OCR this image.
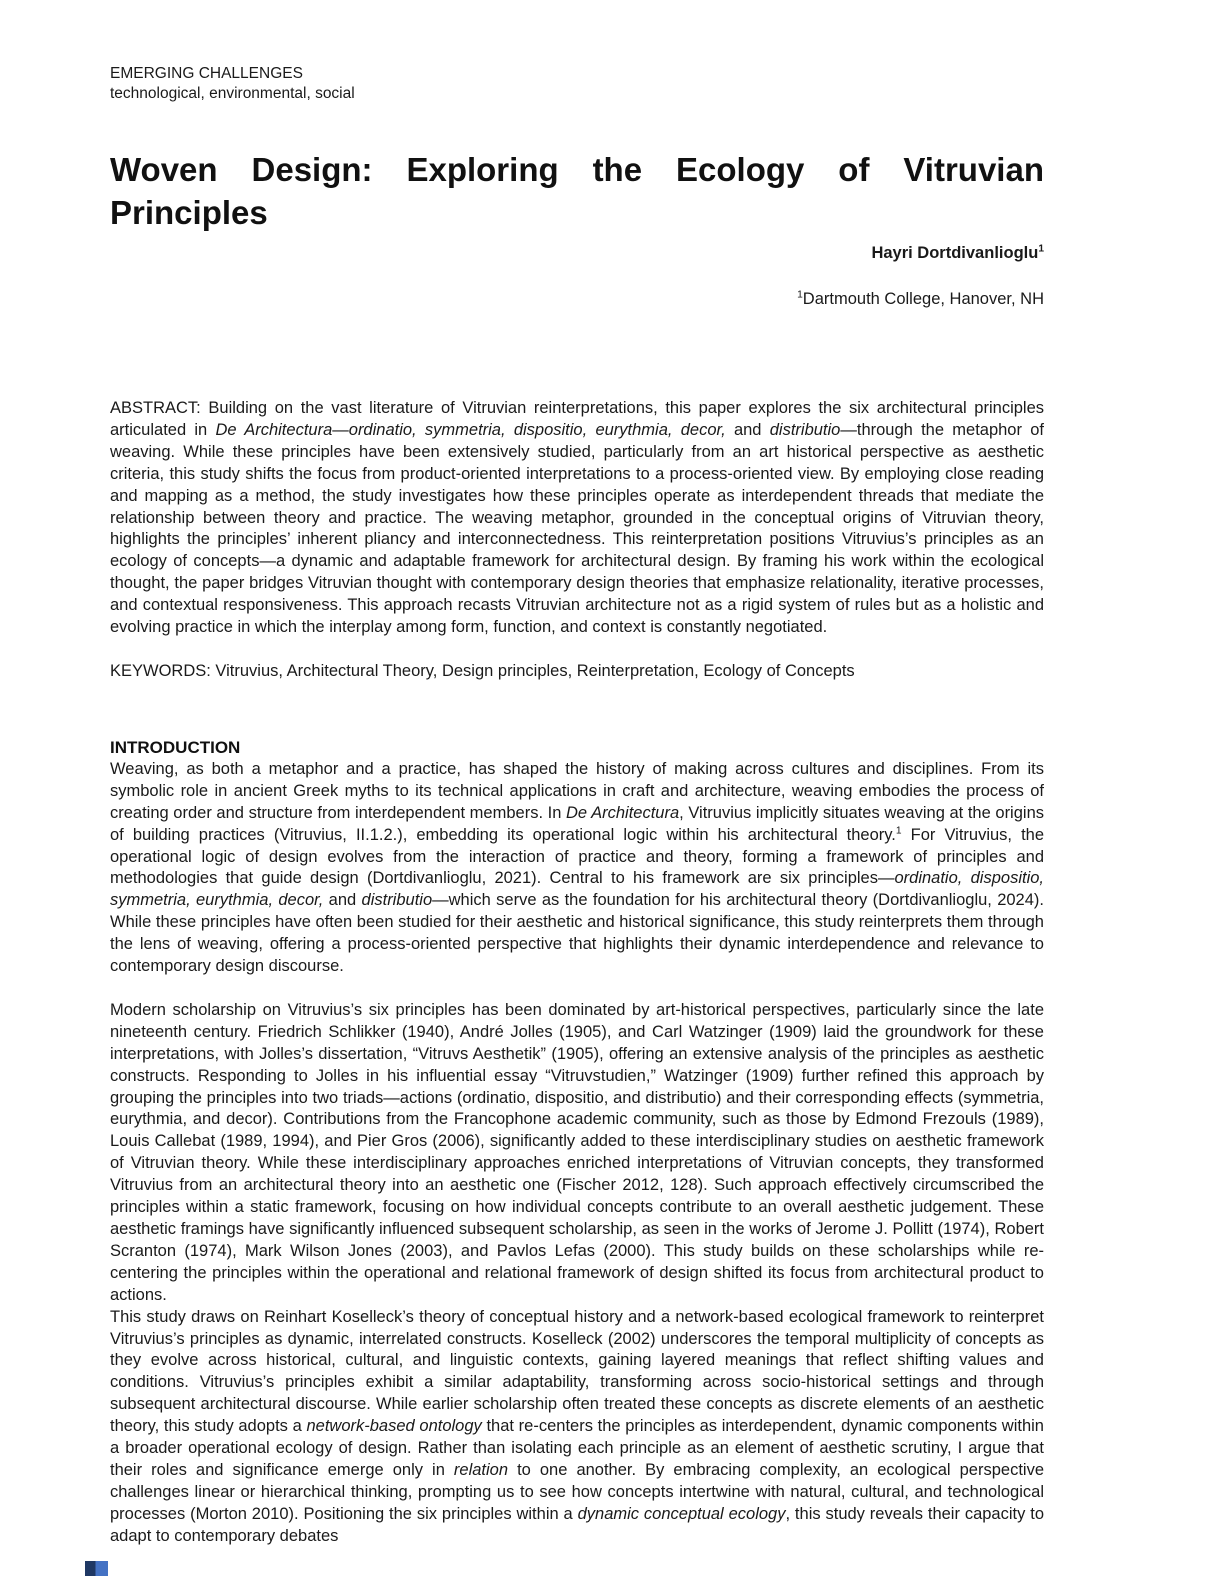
EMERGING CHALLENGES
technological, environmental, social
Woven Design: Exploring the Ecology of Vitruvian Principles
Hayri Dortdivanlioglu$^1$
$^1$Dartmouth College, Hanover, NH

ABSTRACT: Building on the vast literature of Vitruvian reinterpretations, this paper explores the six architectural principles articulated in De Architectura—ordinatio, symmetria, dispositio, eurythmia, decor, and distributio—through the metaphor of weaving. While these principles have been extensively studied, particularly from an art historical perspective as aesthetic criteria, this study shifts the focus from product-oriented interpretations to a process-oriented view. By employing close reading and mapping as a method, the study investigates how these principles operate as interdependent threads that mediate the relationship between theory and practice. The weaving metaphor, grounded in the conceptual origins of Vitruvian theory, highlights the principles’ inherent pliancy and interconnectedness. This reinterpretation positions Vitruvius’s principles as an ecology of concepts—a dynamic and adaptable framework for architectural design. By framing his work within the ecological thought, the paper bridges Vitruvian thought with contemporary design theories that emphasize relationality, iterative processes, and contextual responsiveness. This approach recasts Vitruvian architecture not as a rigid system of rules but as a holistic and evolving practice in which the interplay among form, function, and context is constantly negotiated.

KEYWORDS: Vitruvius, Architectural Theory, Design principles, Reinterpretation, Ecology of Concepts

INTRODUCTION

Weaving, as both a metaphor and a practice, has shaped the history of making across cultures and disciplines. From its symbolic role in ancient Greek myths to its technical applications in craft and architecture, weaving embodies the process of creating order and structure from interdependent members. In De Architectura, Vitruvius implicitly situates weaving at the origins of building practices (Vitruvius, II.1.2.), embedding its operational logic within his architectural theory.$^1$ For Vitruvius, the operational logic of design evolves from the interaction of practice and theory, forming a framework of principles and methodologies that guide design (Dortdivanlioglu, 2021). Central to his framework are six principles—ordinatio, dispositio, symmetria, eurythmia, decor, and distributio—which serve as the foundation for his architectural theory (Dortdivanlioglu, 2024). While these principles have often been studied for their aesthetic and historical significance, this study reinterprets them through the lens of weaving, offering a process-oriented perspective that highlights their dynamic interdependence and relevance to contemporary design discourse.

Modern scholarship on Vitruvius’s six principles has been dominated by art-historical perspectives, particularly since the late nineteenth century. Friedrich Schlikker (1940), André Jolles (1905), and Carl Watzinger (1909) laid the groundwork for these interpretations, with Jolles’s dissertation, “Vitruvs Aesthetik” (1905), offering an extensive analysis of the principles as aesthetic constructs. Responding to Jolles in his influential essay “Vitruvstudien,” Watzinger (1909) further refined this approach by grouping the principles into two triads—actions (ordinatio, dispositio, and distributio) and their corresponding effects (symmetria, eurythmia, and decor). Contributions from the Francophone academic community, such as those by Edmond Frezouls (1989), Louis Callebat (1989, 1994), and Pier Gros (2006), significantly added to these interdisciplinary studies on aesthetic framework of Vitruvian theory. While these interdisciplinary approaches enriched interpretations of Vitruvian concepts, they transformed Vitruvius from an architectural theory into an aesthetic one (Fischer 2012, 128). Such approach effectively circumscribed the principles within a static framework, focusing on how individual concepts contribute to an overall aesthetic judgement. These aesthetic framings have significantly influenced subsequent scholarship, as seen in the works of Jerome J. Pollitt (1974), Robert Scranton (1974), Mark Wilson Jones (2003), and Pavlos Lefas (2000). This study builds on these scholarships while re-centering the principles within the operational and relational framework of design shifted its focus from architectural product to actions.

This study draws on Reinhart Koselleck’s theory of conceptual history and a network-based ecological framework to reinterpret Vitruvius’s principles as dynamic, interrelated constructs. Koselleck (2002) underscores the temporal multiplicity of concepts as they evolve across historical, cultural, and linguistic contexts, gaining layered meanings that reflect shifting values and conditions. Vitruvius’s principles exhibit a similar adaptability, transforming across socio-historical settings and through subsequent architectural discourse. While earlier scholarship often treated these concepts as discrete elements of an aesthetic theory, this study adopts a network-based ontology that re-centers the principles as interdependent, dynamic components within a broader operational ecology of design. Rather than isolating each principle as an element of aesthetic scrutiny, I argue that their roles and significance emerge only in relation to one another. By embracing complexity, an ecological perspective challenges linear or hierarchical thinking, prompting us to see how concepts intertwine with natural, cultural, and technological processes (Morton 2010). Positioning the six principles within a dynamic conceptual ecology, this study reveals their capacity to adapt to contemporary debates
